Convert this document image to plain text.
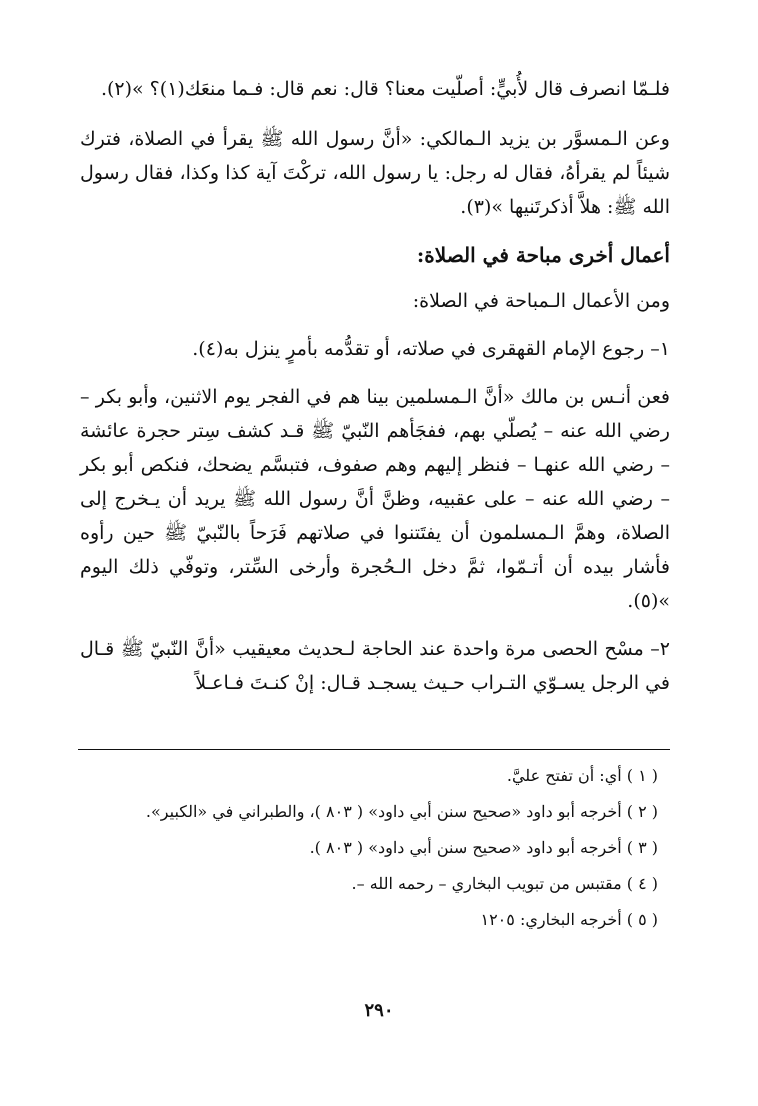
فلـمّا انصرف قال لأُبيٍّ: أصلّيت معنا؟ قال: نعم قال: فـما منعَك(١)؟ »(٢).

وعن الـمسوَّر بن يزيد الـمالكي: «أنَّ رسول الله ﷺ يقرأ في الصلاة، فترك شيئاً لم يقرأهُ، فقال له رجل: يا رسول الله، تركْتَ آية كذا وكذا، فقال رسول الله ﷺ: هلاَّ أذكرتَنيها »(٣).

أعمال أخرى مباحة في الصلاة:

ومن الأعمال الـمباحة في الصلاة:

١– رجوع الإمام القهقرى في صلاته، أو تقدُّمه بأمرٍ ينزل به(٤).

فعن أنـس بن مالك «أنَّ الـمسلمين بينا هم في الفجر يوم الاثنين، وأبو بكر – رضي الله عنه – يُصلّي بهم، ففجَأهم النّبيّ ﷺ قـد كشف سِتر حجرة عائشة – رضي الله عنهـا – فنظر إليهم وهم صفوف، فتبسَّم يضحك، فنكص أبو بكر – رضي الله عنه – على عقبيه، وظنَّ أنَّ رسول الله ﷺ يريد أن يـخرج إلى الصلاة، وهمَّ الـمسلمون أن يفتَتنوا في صلاتهم فَرَحاً بالنّبيّ ﷺ حين رأوه فأشار بيده أن أتـمّوا، ثمَّ دخل الـحُجرة وأرخى السِّتر، وتوفّي ذلك اليوم »(٥).

٢– مسْح الحصى مرة واحدة عند الحاجة لـحديث معيقيب «أنَّ النّبيّ ﷺ قـال في الرجل يسـوّي التـراب حـيث يسجـد قـال: إنْ كنـتَ فـاعـلاً

( ١ ) أي: أن تفتح عليَّ.

( ٢ ) أخرجه أبو داود «صحيح سنن أبي داود» ( ٨٠٣ )، والطبراني في «الكبير».

( ٣ ) أخرجه أبو داود «صحيح سنن أبي داود» ( ٨٠٣ ).

( ٤ ) مقتبس من تبويب البخاري – رحمه الله –.

( ٥ ) أخرجه البخاري: ١٢٠٥

٢٩٠
